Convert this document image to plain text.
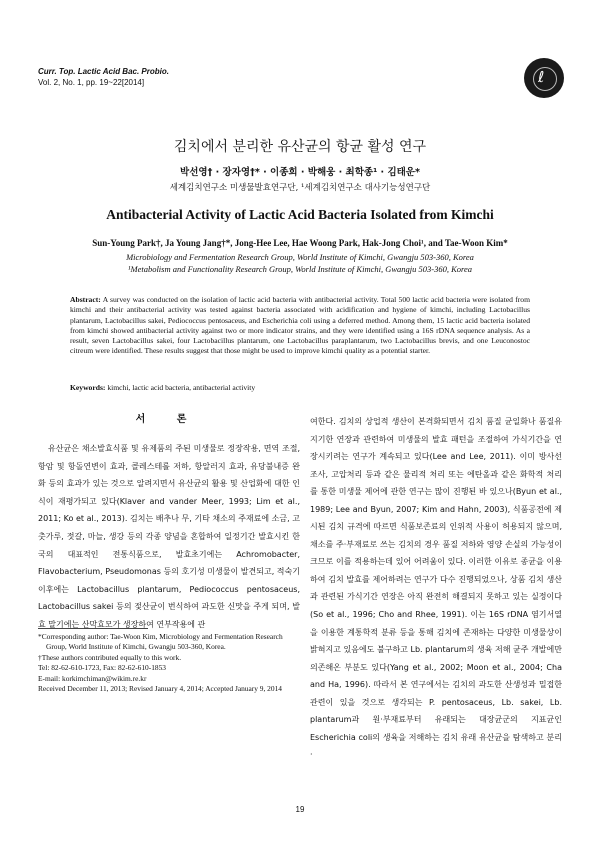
Curr. Top. Lactic Acid Bac. Probio.
Vol. 2, No. 1, pp. 19~22[2014]	ℓ
김치에서 분리한 유산균의 항균 활성 연구
박선영† · 장자영†* · 이종희 · 박해웅 · 최학종¹ · 김태운*
세계김치연구소 미생물발효연구단, ¹세계김치연구소 대사기능성연구단
Antibacterial Activity of Lactic Acid Bacteria Isolated from Kimchi
Sun-Young Park†, Ja Young Jang†*, Jong-Hee Lee, Hae Woong Park, Hak-Jong Choi¹, and Tae-Woon Kim*
Microbiology and Fermentation Research Group, World Institute of Kimchi, Gwangju 503-360, Korea
¹Metabolism and Functionality Research Group, World Institute of Kimchi, Gwangju 503-360, Korea
Abstract: A survey was conducted on the isolation of lactic acid bacteria with antibacterial activity. Total 500 lactic acid bacteria were isolated from kimchi and their antibacterial activity was tested against bacteria associated with acidification and hygiene of kimchi, including Lactobacillus plantarum, Lactobacillus sakei, Pediococcus pentosaceus, and Escherichia coli using a deferred method. Among them, 15 lactic acid bacteria isolated from kimchi showed antibacterial activity against two or more indicator strains, and they were identified using a 16S rDNA sequence analysis. As a result, seven Lactobacillus sakei, four Lactobacillus plantarum, one Lactobacillus paraplantarum, two Lactobacillus brevis, and one Leuconostoc citreum were identified. These results suggest that those might be used to improve kimchi quality as a potential starter.
Keywords: kimchi, lactic acid bacteria, antibacterial activity
서 론
유산균은 채소발효식품 및 유제품의 주된 미생물로 정장작용, 면역 조절, 항암 및 항돌연변이 효과, 콜레스테롤 저하, 항알러지 효과, 유당불내증 완화 등의 효과가 있는 것으로 알려지면서 유산균의 활용 및 산업화에 대한 인식이 재평가되고 있다(Klaver and vander Meer, 1993; Lim et al., 2011; Ko et al., 2013). 김치는 배추나 무, 기타 채소의 주재료에 소금, 고춧가루, 젓갈, 마늘, 생강 등의 각종 양념을 혼합하여 일정기간 발효시킨 한국의 대표적인 전통식품으로, 발효초기에는 Achromobacter, Flavobacterium, Pseudomonas 등의 호기성 미생물이 발견되고, 적숙기 이후에는 Lactobacillus plantarum, Pediococcus pentosaceus, Lactobacillus sakei 등의 젖산균이 번식하여 과도한 신맛을 주게 되며, 발효 말기에는 산막효모가 생장하여 연부작용에 관
여한다. 김치의 상업적 생산이 본격화되면서 김치 품질 균일화나 품질유지기한 연장과 관련하여 미생물의 발효 패턴을 조절하여 가식기간을 연장시키려는 연구가 계속되고 있다(Lee and Lee, 2011). 이미 방사선 조사, 고압처리 등과 같은 물리적 처리 또는 에탄올과 같은 화학적 처리를 통한 미생물 제어에 관한 연구는 많이 진행된 바 있으나(Byun et al., 1989; Lee and Byun, 2007; Kim and Hahn, 2003), 식품공전에 제시된 김치 규격에 따르면 식품보존료의 인위적 사용이 허용되지 않으며, 채소를 주·부재료로 쓰는 김치의 경우 품질 저하와 영양 손실의 가능성이 크므로 이를 적용하는데 있어 어려움이 있다. 이러한 이유로 종균을 이용하여 김치 발효를 제어하려는 연구가 다수 진행되었으나, 상품 김치 생산과 관련된 가식기간 연장은 아직 완전히 해결되지 못하고 있는 실정이다(So et al., 1996; Cho and Rhee, 1991). 이는 16S rDNA 염기서열을 이용한 계통학적 분류 등을 통해 김치에 존재하는 다양한 미생물상이 밝혀지고 있음에도 불구하고 Lb. plantarum의 생육 저해 균주 개발에만 의존해온 부분도 있다(Yang et al., 2002; Moon et al., 2004; Cha and Ha, 1996). 따라서 본 연구에서는 김치의 과도한 산생성과 밀접한 관련이 있을 것으로 생각되는 P. pentosaceus, Lb. sakei, Lb. plantarum과 원·부재료부터 유래되는 대장균군의 지표균인 Escherichia coli의 생육을 저해하는 김치 유래 유산균을 탐색하고 분리·
*Corresponding author: Tae-Woon Kim, Microbiology and Fermentation Research Group, World Institute of Kimchi, Gwangju 503-360, Korea.
†These authors contributed equally to this work.
Tel: 82-62-610-1723, Fax: 82-62-610-1853
E-mail: korkimchiman@wikim.re.kr
Received December 11, 2013; Revised January 4, 2014; Accepted January 9, 2014
19
